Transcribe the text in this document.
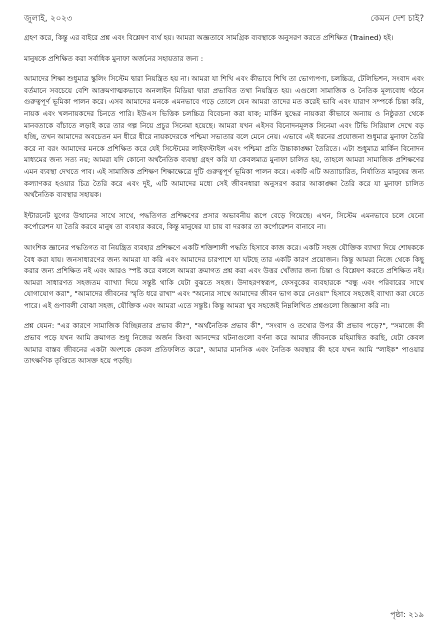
জুলাই, ২০২৩	কেমন দেশ চাই?

গ্রহণ করে, কিন্তু এর বাইরে প্রশ্ন এবং বিশ্লেষণ ব্যর্থ হয়। আমরা অজ্ঞতাবে সামগ্রিক ব্যবস্থাকে অনুসরণ করতে প্রশিক্ষিত (Trained) হই।

মানুষকে প্রশিক্ষিত করা সর্বাধিক মুনাফা অর্জনের সহায়তার জন্য :

আমাদের শিক্ষা শুধুমাত্র স্কুলিং সিস্টেম দ্বারা নিয়ন্ত্রিত হয় না। আমরা যা শিখি এবং কীভাবে শিখি তা ভোগ্যপণ্য, চলচ্চিত্র, টেলিভিশন, সংবাদ এবং বর্তমানে সবচেয়ে বেশি আক্রমণাত্মকভাবে অনলাইন মিডিয়া দ্বারা প্রভাবিত তথা নিয়ন্ত্রিত হয়। এগুলো সামাজিক ও নৈতিক মূল্যবোধ গঠনে গুরুত্বপূর্ণ ভূমিকা পালন করে। এসব আমাদের মনকে এমনভাবে গড়ে তোলে যেন আমরা তাদের মত করেই ভাবি এবং যারাণ সম্পর্কে চিন্তা করি, নায়ক এবং খলনায়কদের চিনতে পারি। ইউএস ভিত্তিক চলচ্চিত্র বিবেচনা করা যাক; মার্কিন যুদ্ধের নায়করা কীভাবে অন্যায় ও নিষ্ঠুরতা থেকে মানবতাকে বাঁচাতে লড়াই করে তার গল্প নিয়ে প্রচুর সিনেমা হয়েছে। আমরা যখন এইসব বিনোদনমূলক সিনেমা এবং টিভি সিরিয়াল দেখে বড় হচ্ছি, তখন আমাদের অবচেতন মন ধীরে ধীরে নায়কদেরকে পশ্চিমা সভ্যতার বলে মেনে নেয়। এভাবে এই ধরনের প্রযোজনা শুধুমাত্র মুনাফা তৈরি করে না বরং আমাদের মনকে প্রশিক্ষিত করে যেই সিস্টেমের লাইফস্টাইল এবং পশ্চিমা প্রতি উচ্চাকাঙ্ক্ষা তৈরিতে। এটা শুধুমাত্র মার্কিন বিনোদন মাধ্যমের জন্য সত্য নয়; আমরা যদি কোনো অর্থনৈতিক ব্যবস্থা গ্রহণ করি যা কেবলমাত্র মুনাফা চালিত হয়, তাহলে আমরা সামাজিক প্রশিক্ষণের এমন ব্যবস্থা দেখতে পাব। এই সামাজিক প্রশিক্ষণ শিক্ষাক্ষেত্রে দুটি গুরুত্বপূর্ণ ভূমিকা পালন করে। একটি এটি অত্যাচারিত, নির্যাতিত মানুষের জন্য কল্যাণকর হওয়ার চিত্র তৈরি করে এবং দুই, এটি আমাদের মধ্যে সেই জীবনধারা অনুসরণ করার আকাঙ্ক্ষা তৈরি করে যা মুনাফা চালিত অর্থনৈতিক ব্যবস্থার সহায়ক।

ইন্টারনেট যুগের উত্থানের সাথে সাথে, পদ্ধতিগত প্রশিক্ষণের প্রসার অভাবনীয় রূপে বেড়ে গিয়েছে। এখন, সিস্টেম এমনভাবে চলে যেনো কর্পোরেশন যা তৈরি করবে মানুষ তা ব্যবহার করবে, কিন্তু মানুষের যা চায় বা দরকার তা কর্পোরেশন বানাবে না।

আংশিক জ্ঞানের পদ্ধতিগত বা নিয়ন্ত্রিত ব্যবহার প্রশিক্ষণে একটি শক্তিশালী পদ্ধতি হিসাবে কাজ করে। একটি সহজ যৌক্তিক ব্যাখ্যা দিয়ে শোষককে বৈধ করা যায়। জনসাধারণের জন্য আমরা যা করি এবং আমাদের চারপাশে যা ঘটছে তার একটি কারণ প্রয়োজন। কিন্তু আমরা নিজে থেকে কিছু করার জন্য প্রশিক্ষিত নই এবং আরও স্পষ্ট করে বললে আমরা ক্রমাগত প্রশ্ন করা এবং উত্তর খোঁজার জন্য চিন্তা ও বিশ্লেষণ করতে প্রশিক্ষিত নই। আমরা সাধারণত সহজতম ব্যাখ্যা দিয়ে সন্তুষ্ট থাকি যেটা বুঝতে সহজ। উদাহরণস্বরূপ, ফেসবুকের ব্যবহারকে "বন্ধু এবং পরিবারের সাথে যোগাযোগ করা", "আমাদের জীবনের স্মৃতি ধরে রাখা" এবং "অন্যের সাথে আমাদের জীবন ভাগ করে নেওয়া" হিসাবে সহজেই ব্যাখ্যা করা যেতে পারে। এই গুণাবলী বোঝা সহজ, যৌক্তিক এবং আমরা এতে সন্তুষ্ট। কিন্তু আমরা খুব সহজেই নিম্নলিখিত প্রশ্নগুলো জিজ্ঞাসা করি না।

প্রশ্ন যেমন: "এর কারণে সামাজিক বিচ্ছিন্নতার প্রভাব কী?", "অর্থনৈতিক প্রভাব কী", "সংবাদ ও তথ্যের উপর কী প্রভাব পড়ে?", "সমাজে কী প্রভাব পড়ে যখন আমি ক্রমাগত শুধু নিজের অর্জন কিংবা আনন্দের ঘটনাগুলো বর্ণনা করে আমার জীবনকে মহিমান্বিত করছি, যেটা কেবল আমার বাস্তব জীবনের একটা অংশকে কেবল প্রতিফলিত করে", আমার মানসিক এবং নৈতিক অবস্থার কী হবে যখন আমি "লাইক" পাওয়ার তাৎক্ষণিক তৃপ্তিতে আসক্ত হয়ে পড়ছি।

পৃষ্ঠা: ২১৯
